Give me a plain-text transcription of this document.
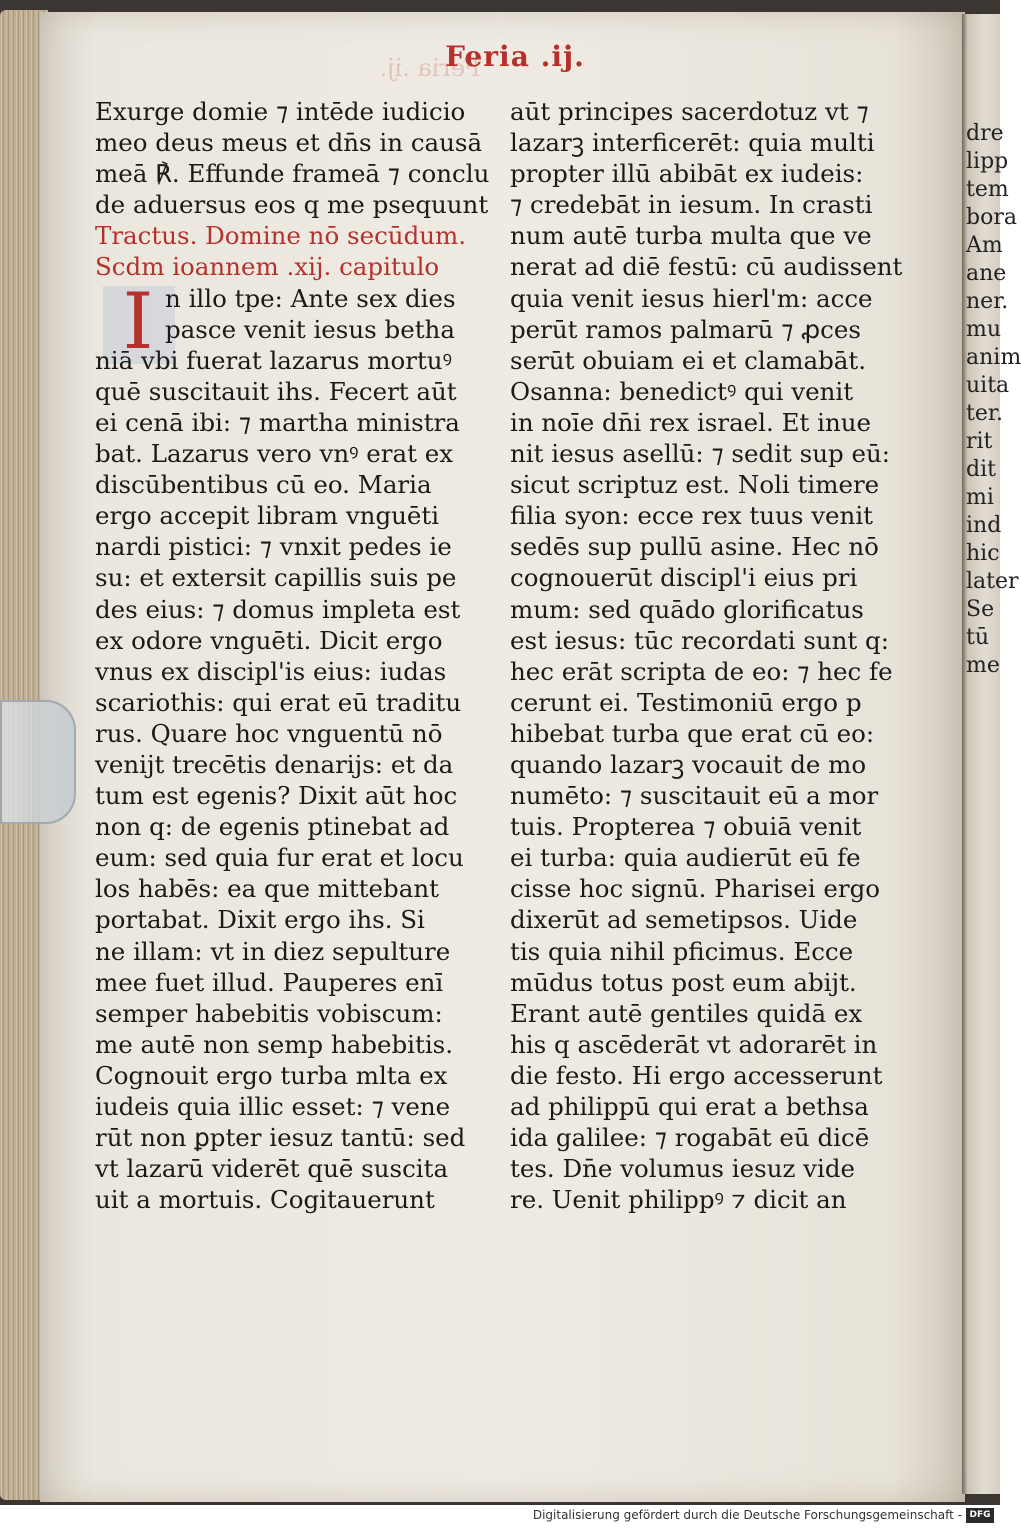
dre
lipp
tem
bora
Am
ane
ner.
mu
anim
uita
ter.
rit
dit
mi
ind
hic
later
Se
tū
me
Feria .ij.
Feria .ij.
I
Exurge domie ⁊ intēde iudicio
meo deus meus et dn̄s in causā
meā ℟. Effunde frameā ⁊ conclu
de aduersus eos q me psequunt
Tractus. Domine nō secūdum.
Scdm ioannem .xij. capitulo
n illo tpe: Ante sex dies
pasce venit iesus betha
niā vbi fuerat lazarus mortuꝰ
quē suscitauit ihs. Fecert aūt
ei cenā ibi: ⁊ martha ministra
bat. Lazarus vero vnꝰ erat ex
discūbentibus cū eo. Maria
ergo accepit libram vnguēti
nardi pistici: ⁊ vnxit pedes ie
su: et extersit capillis suis pe
des eius: ⁊ domus impleta est
ex odore vnguēti. Dicit ergo
vnus ex discipl'is eius: iudas
scariothis: qui erat eū traditu
rus. Quare hoc vnguentū nō
venijt trecētis denarijs: et da
tum est egenis? Dixit aūt hoc
non q: de egenis ptinebat ad
eum: sed quia fur erat et locu
los habēs: ea que mittebant
portabat. Dixit ergo ihs. Si
ne illam: vt in diez sepulture
mee fuet illud. Pauperes enī
semper habebitis vobiscum:
me autē non semp habebitis.
Cognouit ergo turba mlta ex
iudeis quia illic esset: ⁊ vene
rūt non ꝑpter iesuz tantū: sed
vt lazarū viderēt quē suscita
uit a mortuis. Cogitauerunt
aūt principes sacerdotuz vt ⁊
lazarꝫ interficerēt: quia multi
propter illū abibāt ex iudeis:
⁊ credebāt in iesum. In crasti
num autē turba multa que ve
nerat ad diē festū: cū audissent
quia venit iesus hierl'm: acce
perūt ramos palmarū ⁊ ꝓces
serūt obuiam ei et clamabāt.
Osanna: benedictꝰ qui venit
in noīe dn̄i rex israel. Et inue
nit iesus asellū: ⁊ sedit sup eū:
sicut scriptuz est. Noli timere
filia syon: ecce rex tuus venit
sedēs sup pullū asine. Hec nō
cognouerūt discipl'i eius pri
mum: sed quādo glorificatus
est iesus: tūc recordati sunt q:
hec erāt scripta de eo: ⁊ hec fe
cerunt ei. Testimoniū ergo p
hibebat turba que erat cū eo:
quando lazarꝫ vocauit de mo
numēto: ⁊ suscitauit eū a mor
tuis. Propterea ⁊ obuiā venit
ei turba: quia audierūt eū fe
cisse hoc signū. Pharisei ergo
dixerūt ad semetipsos. Uide
tis quia nihil pficimus. Ecce
mūdus totus post eum abijt.
Erant autē gentiles quidā ex
his q ascēderāt vt adorarēt in
die festo. Hi ergo accesserunt
ad philippū qui erat a bethsa
ida galilee: ⁊ rogabāt eū dicē
tes. Dn̄e volumus iesuz vide
re. Uenit philippꝰ ⁊ dicit an
Digitalisierung gefördert durch die Deutsche Forschungsgemeinschaft - DFG
